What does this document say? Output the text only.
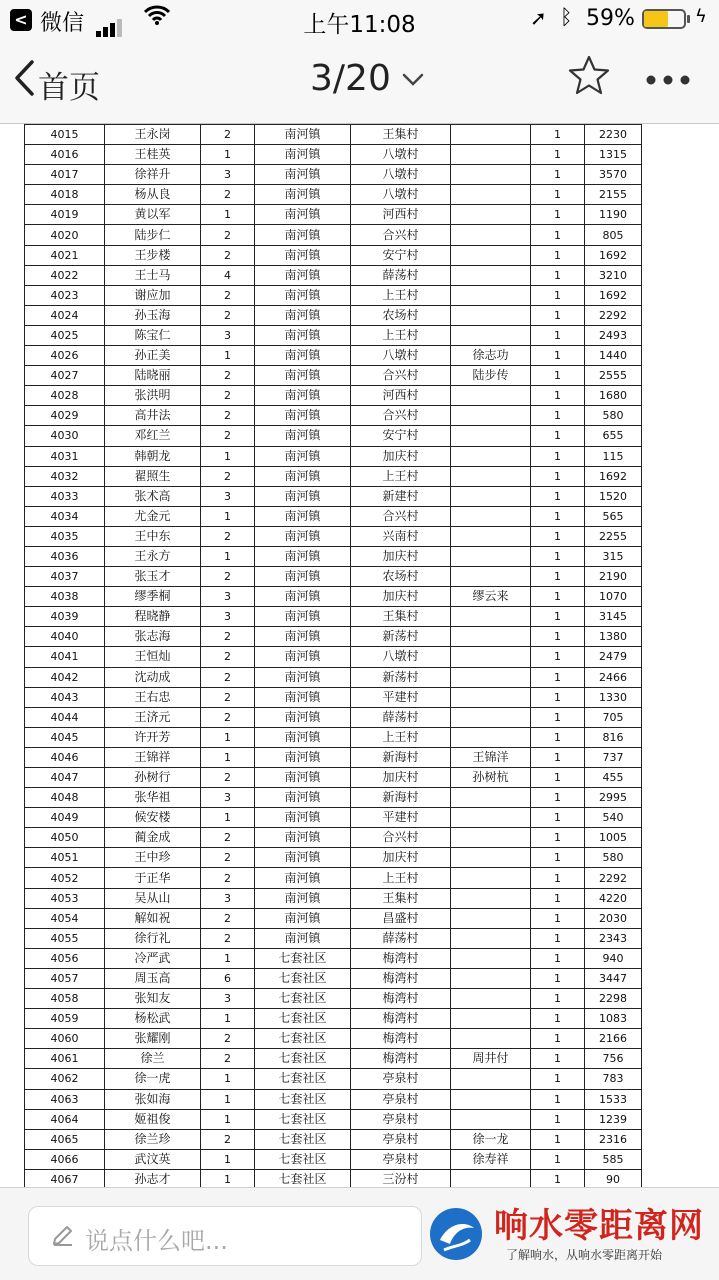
< 微信	上午11:08	➚ ᛒ 59%	ϟ
首页	3/20
4015	王永岗	2	南河镇	王集村		1	2230
4016	王桂英	1	南河镇	八墩村		1	1315
4017	徐祥升	3	南河镇	八墩村		1	3570
4018	杨从良	2	南河镇	八墩村		1	2155
4019	黄以军	1	南河镇	河西村		1	1190
4020	陆步仁	2	南河镇	合兴村		1	805
4021	王步楼	2	南河镇	安宁村		1	1692
4022	王士马	4	南河镇	薛荡村		1	3210
4023	谢应加	2	南河镇	上王村		1	1692
4024	孙玉海	2	南河镇	农场村		1	2292
4025	陈宝仁	3	南河镇	上王村		1	2493
4026	孙正美	1	南河镇	八墩村	徐志功	1	1440
4027	陆晓丽	2	南河镇	合兴村	陆步传	1	2555
4028	张洪明	2	南河镇	河西村		1	1680
4029	高井法	2	南河镇	合兴村		1	580
4030	邓红兰	2	南河镇	安宁村		1	655
4031	韩朝龙	1	南河镇	加庆村		1	115
4032	翟照生	2	南河镇	上王村		1	1692
4033	张术高	3	南河镇	新建村		1	1520
4034	尤金元	1	南河镇	合兴村		1	565
4035	王中东	2	南河镇	兴南村		1	2255
4036	王永方	1	南河镇	加庆村		1	315
4037	张玉才	2	南河镇	农场村		1	2190
4038	缪季桐	3	南河镇	加庆村	缪云来	1	1070
4039	程晓静	3	南河镇	王集村		1	3145
4040	张志海	2	南河镇	新荡村		1	1380
4041	王恒灿	2	南河镇	八墩村		1	2479
4042	沈动成	2	南河镇	新荡村		1	2466
4043	王右忠	2	南河镇	平建村		1	1330
4044	王济元	2	南河镇	薛荡村		1	705
4045	许开芳	1	南河镇	上王村		1	816
4046	王锦祥	1	南河镇	新海村	王锦洋	1	737
4047	孙树行	2	南河镇	加庆村	孙树杭	1	455
4048	张华祖	3	南河镇	新海村		1	2995
4049	候安楼	1	南河镇	平建村		1	540
4050	蔺金成	2	南河镇	合兴村		1	1005
4051	王中珍	2	南河镇	加庆村		1	580
4052	于正华	2	南河镇	上王村		1	2292
4053	吴从山	3	南河镇	王集村		1	4220
4054	解如祝	2	南河镇	昌盛村		1	2030
4055	徐行礼	2	南河镇	薛荡村		1	2343
4056	冷严武	1	七套社区	梅湾村		1	940
4057	周玉高	6	七套社区	梅湾村		1	3447
4058	张知友	3	七套社区	梅湾村		1	2298
4059	杨松武	1	七套社区	梅湾村		1	1083
4060	张耀刚	2	七套社区	梅湾村		1	2166
4061	徐兰	2	七套社区	梅湾村	周井付	1	756
4062	徐一虎	1	七套社区	亭泉村		1	783
4063	张如海	1	七套社区	亭泉村		1	1533
4064	姬祖俊	1	七套社区	亭泉村		1	1239
4065	徐兰珍	2	七套社区	亭泉村	徐一龙	1	2316
4066	武汶英	1	七套社区	亭泉村	徐寿祥	1	585
4067	孙志才	1	七套社区	三汾村		1	90
说点什么吧...	响水零距离网
了解响水，从响水零距离开始
